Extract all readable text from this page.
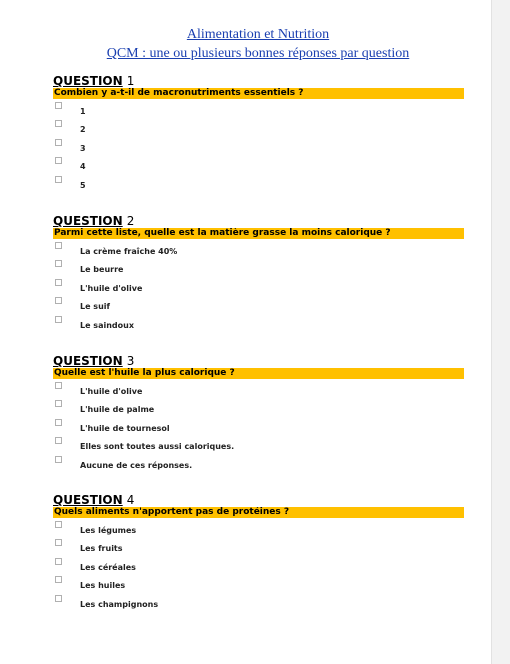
Alimentation et Nutrition
QCM : une ou plusieurs bonnes réponses par question
QUESTION 1
Combien y a-t-il de macronutriments essentiels ?
1
2
3
4
5
QUESTION 2
Parmi cette liste, quelle est la matière grasse la moins calorique ?
La crème fraîche 40%
Le beurre
L'huile d'olive
Le suif
Le saindoux
QUESTION 3
Quelle est l'huile la plus calorique ?
L'huile d'olive
L'huile de palme
L'huile de tournesol
Elles sont toutes aussi caloriques.
Aucune de ces réponses.
QUESTION 4
Quels aliments n'apportent pas de protéines ?
Les légumes
Les fruits
Les céréales
Les huiles
Les champignons
